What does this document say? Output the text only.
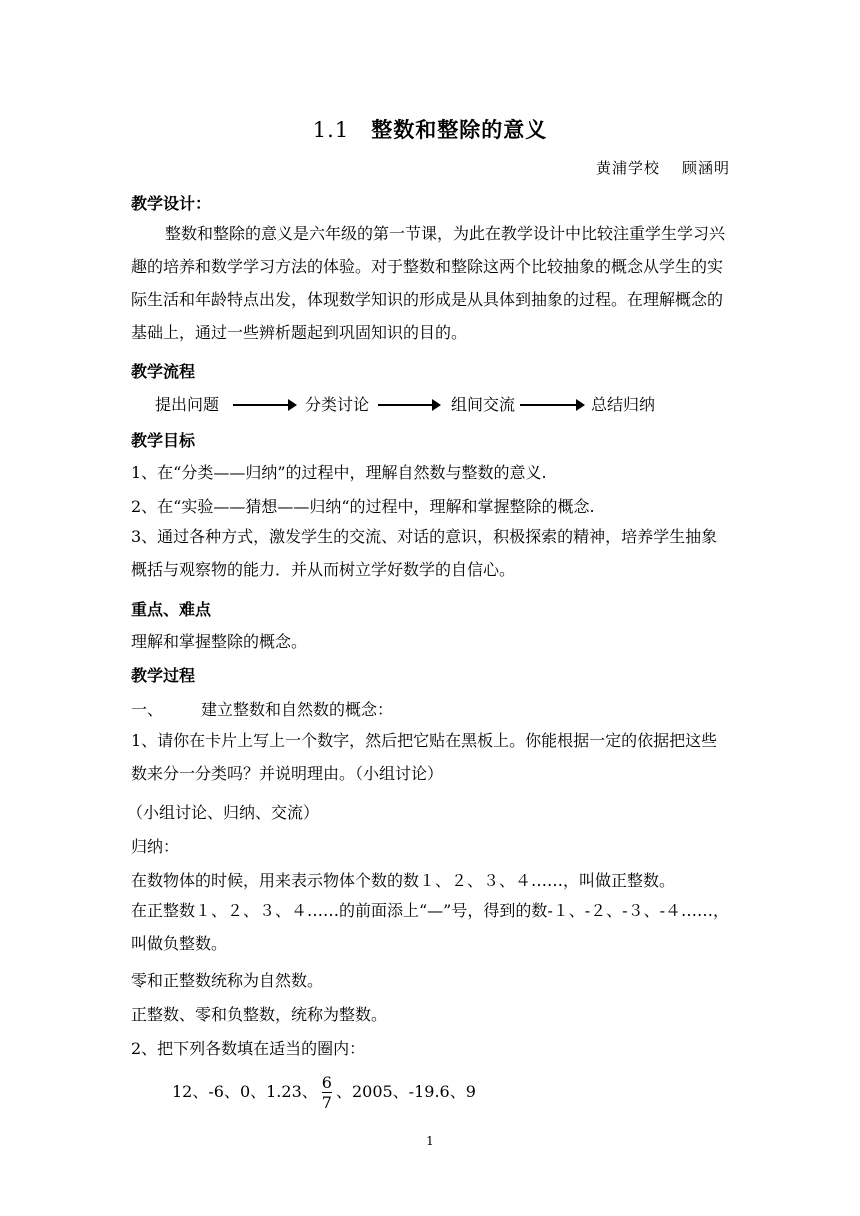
1.1 整数和整除的意义
黄浦学校 顾涵明
教学设计：
整数和整除的意义是六年级的第一节课，为此在教学设计中比较注重学生学习兴趣的培养和数学学习方法的体验。对于整数和整除这两个比较抽象的概念从学生的实际生活和年龄特点出发，体现数学知识的形成是从具体到抽象的过程。在理解概念的基础上，通过一些辨析题起到巩固知识的目的。
教学流程
提出问题	分类讨论	组间交流	总结归纳
教学目标
1、在“分类——归纳”的过程中，理解自然数与整数的意义.
2、在“实验——猜想——归纳“的过程中，理解和掌握整除的概念.
3、通过各种方式，激发学生的交流、对话的意识，积极探索的精神，培养学生抽象概括与观察物的能力．并从而树立学好数学的自信心。
重点、难点
理解和掌握整除的概念。
教学过程
一、 建立整数和自然数的概念：
1、请你在卡片上写上一个数字，然后把它贴在黑板上。你能根据一定的依据把这些数来分一分类吗？并说明理由。（小组讨论）
（小组讨论、归纳、交流）
归纳：
在数物体的时候，用来表示物体个数的数１、２、３、４……，叫做正整数。
在正整数１、２、３、４……的前面添上“—”号，得到的数-１、-２、-３、-４……，叫做负整数。
零和正整数统称为自然数。
正整数、零和负整数，统称为整数。
2、把下列各数填在适当的圈内：
12、-6、0、1.23、 $\frac{6}{7}$ 、2005、-19.6、9
1
